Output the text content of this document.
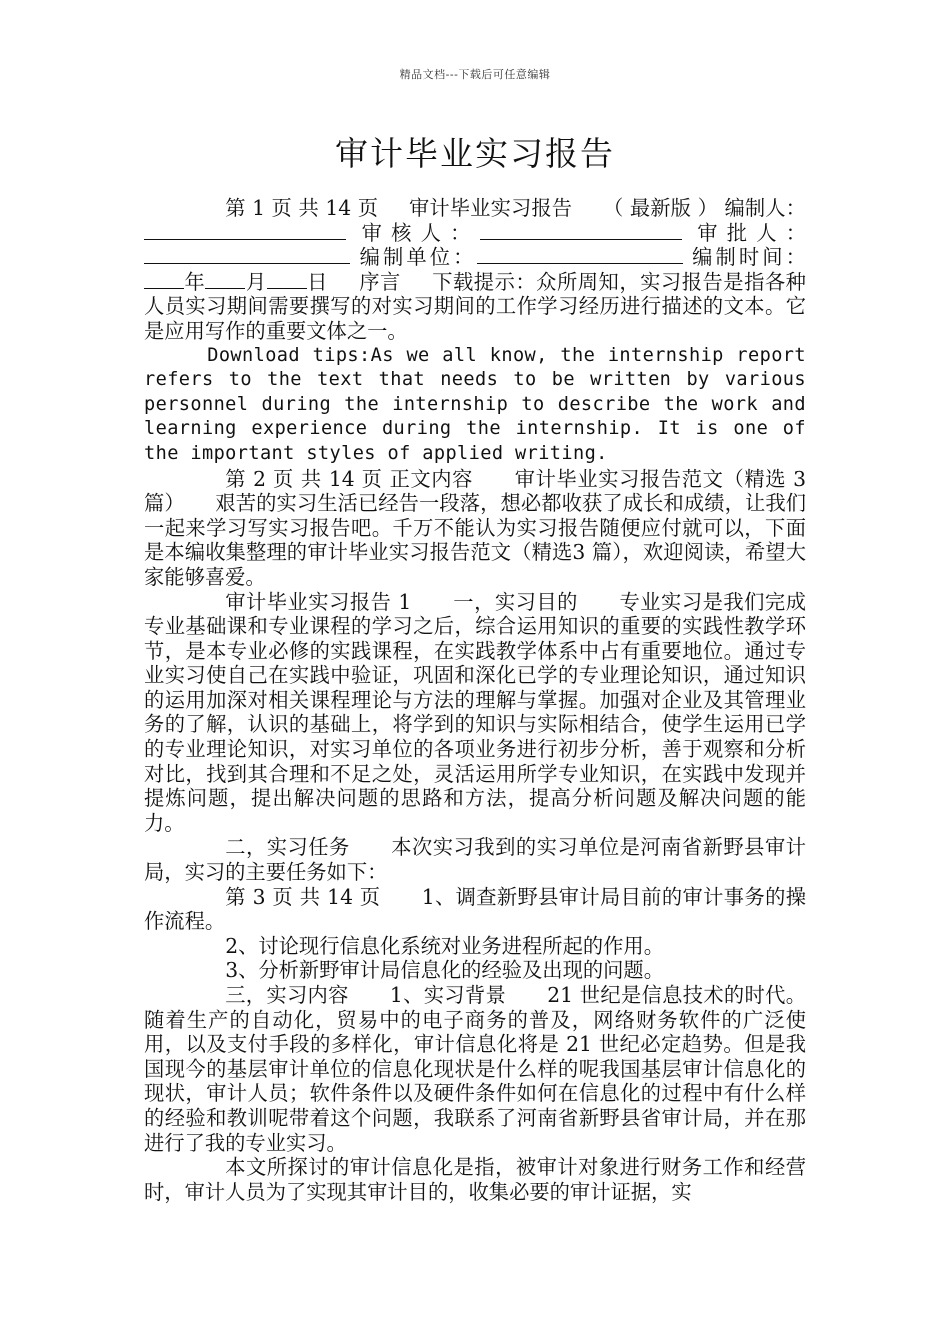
精品文档---下载后可任意编辑
审计毕业实习报告

第 1 页 共 14 页 审计毕业实习报告 （ 最新版 ） 编制人： 审核人：	审批人： 编制单位：	编制时间：年 月 日 序言 下载提示：众所周知，实习报告是指各种人员实习期间需要撰写的对实习期间的工作学习经历进行描述的文本。它是应用写作的重要文体之一。

Download tips:As we all know, the internship report refers to the text that needs to be written by various personnel during the internship to describe the work and learning experience during the internship. It is one of the important styles of applied writing.

第 2 页 共 14 页 正文内容　　审计毕业实习报告范文（精选 3 篇）　　艰苦的实习生活已经告一段落，想必都收获了成长和成绩，让我们一起来学习写实习报告吧。千万不能认为实习报告随便应付就可以，下面是本编收集整理的审计毕业实习报告范文（精选3 篇），欢迎阅读，希望大家能够喜爱。

审计毕业实习报告 1　　一，实习目的　　专业实习是我们完成专业基础课和专业课程的学习之后，综合运用知识的重要的实践性教学环节，是本专业必修的实践课程，在实践教学体系中占有重要地位。通过专业实习使自己在实践中验证，巩固和深化已学的专业理论知识，通过知识的运用加深对相关课程理论与方法的理解与掌握。加强对企业及其管理业务的了解，认识的基础上，将学到的知识与实际相结合，使学生运用已学的专业理论知识，对实习单位的各项业务进行初步分析，善于观察和分析对比，找到其合理和不足之处，灵活运用所学专业知识，在实践中发现并提炼问题，提出解决问题的思路和方法，提高分析问题及解决问题的能力。

二，实习任务　　本次实习我到的实习单位是河南省新野县审计局，实习的主要任务如下：

第 3 页 共 14 页　　1、调查新野县审计局目前的审计事务的操作流程。

2、讨论现行信息化系统对业务进程所起的作用。

3、分析新野审计局信息化的经验及出现的问题。

三，实习内容　　1、实习背景　　21 世纪是信息技术的时代。随着生产的自动化，贸易中的电子商务的普及，网络财务软件的广泛使用，以及支付手段的多样化，审计信息化将是 21 世纪必定趋势。但是我国现今的基层审计单位的信息化现状是什么样的呢我国基层审计信息化的现状，审计人员；软件条件以及硬件条件如何在信息化的过程中有什么样的经验和教训呢带着这个问题，我联系了河南省新野县省审计局，并在那进行了我的专业实习。

本文所探讨的审计信息化是指，被审计对象进行财务工作和经营时，审计人员为了实现其审计目的，收集必要的审计证据，实
